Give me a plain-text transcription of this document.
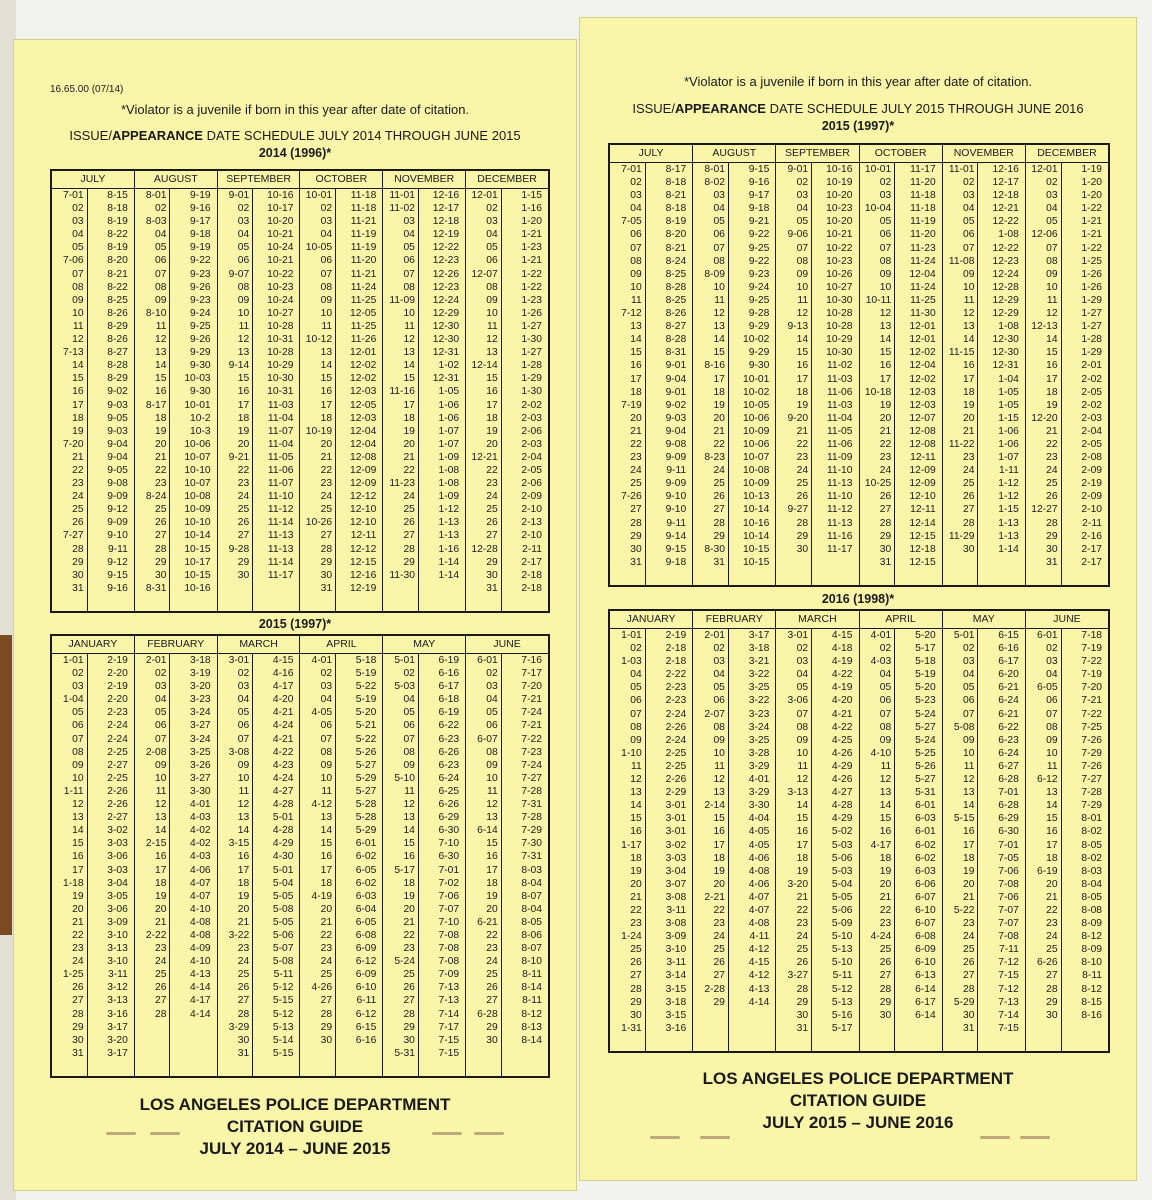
16.65.00 (07/14)
*Violator is a juvenile if born in this year after date of citation.
ISSUE/APPEARANCE DATE SCHEDULE JULY 2014 THROUGH JUNE 2015
2014 (1996)*
JULY
7-01
02
03
04
05
7-06
07
08
09
10
11
12
7-13
14
15
16
17
18
19
7-20
21
22
23
24
25
26
7-27
28
29
30
31
8-15
8-18
8-19
8-22
8-19
8-20
8-21
8-22
8-25
8-26
8-29
8-26
8-27
8-28
8-29
9-02
9-03
9-05
9-03
9-04
9-04
9-05
9-08
9-09
9-12
9-09
9-10
9-11
9-12
9-15
9-16
AUGUST
8-01
02
8-03
04
05
06
07
08
09
8-10
11
12
13
14
15
16
8-17
18
19
20
21
22
23
8-24
25
26
27
28
29
30
8-31
9-19
9-16
9-17
9-18
9-19
9-22
9-23
9-26
9-23
9-24
9-25
9-26
9-29
9-30
10-03
9-30
10-01
10-2
10-3
10-06
10-07
10-10
10-07
10-08
10-09
10-10
10-14
10-15
10-17
10-15
10-16
SEPTEMBER
9-01
02
03
04
05
06
9-07
08
09
10
11
12
13
9-14
15
16
17
18
19
20
9-21
22
23
24
25
26
27
9-28
29
30
10-16
10-17
10-20
10-21
10-24
10-21
10-22
10-23
10-24
10-27
10-28
10-31
10-28
10-29
10-30
10-31
11-03
11-04
11-07
11-04
11-05
11-06
11-07
11-10
11-12
11-14
11-13
11-13
11-14
11-17
OCTOBER
10-01
02
03
04
10-05
06
07
08
09
10
11
10-12
13
14
15
16
17
18
10-19
20
21
22
23
24
25
10-26
27
28
29
30
31
11-18
11-18
11-21
11-19
11-19
11-20
11-21
11-24
11-25
12-05
11-25
11-26
12-01
12-02
12-02
12-03
12-05
12-03
12-04
12-04
12-08
12-09
12-09
12-12
12-10
12-10
12-11
12-12
12-15
12-16
12-19
NOVEMBER
11-01
11-02
03
04
05
06
07
08
11-09
10
11
12
13
14
15
11-16
17
18
19
20
21
22
11-23
24
25
26
27
28
29
11-30
12-16
12-17
12-18
12-19
12-22
12-23
12-26
12-23
12-24
12-29
12-30
12-30
12-31
1-02
12-31
1-05
1-06
1-06
1-07
1-07
1-09
1-08
1-08
1-09
1-12
1-13
1-13
1-16
1-14
1-14
DECEMBER
12-01
02
03
04
05
06
12-07
08
09
10
11
12
13
12-14
15
16
17
18
19
20
12-21
22
23
24
25
26
27
12-28
29
30
31
1-15
1-16
1-20
1-21
1-23
1-21
1-22
1-22
1-23
1-26
1-27
1-30
1-27
1-28
1-29
1-30
2-02
2-03
2-06
2-03
2-04
2-05
2-06
2-09
2-10
2-13
2-10
2-11
2-17
2-18
2-18
2015 (1997)*
JANUARY
1-01
02
03
1-04
05
06
07
08
09
10
1-11
12
13
14
15
16
17
1-18
19
20
21
22
23
24
1-25
26
27
28
29
30
31
2-19
2-20
2-19
2-20
2-23
2-24
2-24
2-25
2-27
2-25
2-26
2-26
2-27
3-02
3-03
3-06
3-03
3-04
3-05
3-06
3-09
3-10
3-13
3-10
3-11
3-12
3-13
3-16
3-17
3-20
3-17
FEBRUARY
2-01
02
03
04
05
06
07
2-08
09
10
11
12
13
14
2-15
16
17
18
19
20
21
2-22
23
24
25
26
27
28
3-18
3-19
3-20
3-23
3-24
3-27
3-24
3-25
3-26
3-27
3-30
4-01
4-03
4-02
4-02
4-03
4-06
4-07
4-07
4-10
4-08
4-08
4-09
4-10
4-13
4-14
4-17
4-14
MARCH
3-01
02
03
04
05
06
07
3-08
09
10
11
12
13
14
3-15
16
17
18
19
20
21
3-22
23
24
25
26
27
28
3-29
30
31
4-15
4-16
4-17
4-20
4-21
4-24
4-21
4-22
4-23
4-24
4-27
4-28
5-01
4-28
4-29
4-30
5-01
5-04
5-05
5-08
5-05
5-06
5-07
5-08
5-11
5-12
5-15
5-12
5-13
5-14
5-15
APRIL
4-01
02
03
04
4-05
06
07
08
09
10
11
4-12
13
14
15
16
17
18
4-19
20
21
22
23
24
25
4-26
27
28
29
30
5-18
5-19
5-22
5-19
5-20
5-21
5-22
5-26
5-27
5-29
5-27
5-28
5-28
5-29
6-01
6-02
6-05
6-02
6-03
6-04
6-05
6-08
6-09
6-12
6-09
6-10
6-11
6-12
6-15
6-16
MAY
5-01
02
5-03
04
05
06
07
08
09
5-10
11
12
13
14
15
16
5-17
18
19
20
21
22
23
5-24
25
26
27
28
29
30
5-31
6-19
6-16
6-17
6-18
6-19
6-22
6-23
6-26
6-23
6-24
6-25
6-26
6-29
6-30
7-10
6-30
7-01
7-02
7-06
7-07
7-10
7-08
7-08
7-08
7-09
7-13
7-13
7-14
7-17
7-15
7-15
JUNE
6-01
02
03
04
05
06
6-07
08
09
10
11
12
13
6-14
15
16
17
18
19
20
6-21
22
23
24
25
26
27
6-28
29
30
7-16
7-17
7-20
7-21
7-24
7-21
7-22
7-23
7-24
7-27
7-28
7-31
7-28
7-29
7-30
7-31
8-03
8-04
8-07
8-04
8-05
8-06
8-07
8-10
8-11
8-14
8-11
8-12
8-13
8-14
LOS ANGELES POLICE DEPARTMENT
CITATION GUIDE
JULY 2014 – JUNE 2015
*Violator is a juvenile if born in this year after date of citation.
ISSUE/APPEARANCE DATE SCHEDULE JULY 2015 THROUGH JUNE 2016
2015 (1997)*
JULY
7-01
02
03
04
7-05
06
07
08
09
10
11
7-12
13
14
15
16
17
18
7-19
20
21
22
23
24
25
7-26
27
28
29
30
31
8-17
8-18
8-21
8-18
8-19
8-20
8-21
8-24
8-25
8-28
8-25
8-26
8-27
8-28
8-31
9-01
9-04
9-01
9-02
9-03
9-04
9-08
9-09
9-11
9-09
9-10
9-10
9-11
9-14
9-15
9-18
AUGUST
8-01
8-02
03
04
05
06
07
08
8-09
10
11
12
13
14
15
8-16
17
18
19
20
21
22
8-23
24
25
26
27
28
29
8-30
31
9-15
9-16
9-17
9-18
9-21
9-22
9-25
9-22
9-23
9-24
9-25
9-28
9-29
10-02
9-29
9-30
10-01
10-02
10-05
10-06
10-09
10-06
10-07
10-08
10-09
10-13
10-14
10-16
10-14
10-15
10-15
SEPTEMBER
9-01
02
03
04
05
9-06
07
08
09
10
11
12
9-13
14
15
16
17
18
19
9-20
21
22
23
24
25
26
9-27
28
29
30
10-16
10-19
10-20
10-23
10-20
10-21
10-22
10-23
10-26
10-27
10-30
10-28
10-28
10-29
10-30
11-02
11-03
11-06
11-03
11-04
11-05
11-06
11-09
11-10
11-13
11-10
11-12
11-13
11-16
11-17
OCTOBER
10-01
02
03
10-04
05
06
07
08
09
10
10-11
12
13
14
15
16
17
10-18
19
20
21
22
23
24
10-25
26
27
28
29
30
31
11-17
11-20
11-18
11-18
11-19
11-20
11-23
11-24
12-04
11-24
11-25
11-30
12-01
12-01
12-02
12-04
12-02
12-03
12-03
12-07
12-08
12-08
12-11
12-09
12-09
12-10
12-11
12-14
12-15
12-18
12-15
NOVEMBER
11-01
02
03
04
05
06
07
11-08
09
10
11
12
13
14
11-15
16
17
18
19
20
21
11-22
23
24
25
26
27
28
11-29
30
12-16
12-17
12-18
12-21
12-22
1-08
12-22
12-23
12-24
12-28
12-29
12-29
1-08
12-30
12-30
12-31
1-04
1-05
1-05
1-15
1-06
1-06
1-07
1-11
1-12
1-12
1-15
1-13
1-13
1-14
DECEMBER
12-01
02
03
04
05
12-06
07
08
09
10
11
12
12-13
14
15
16
17
18
19
12-20
21
22
23
24
25
26
12-27
28
29
30
31
1-19
1-20
1-20
1-22
1-21
1-21
1-22
1-25
1-26
1-26
1-29
1-27
1-27
1-28
1-29
2-01
2-02
2-05
2-02
2-03
2-04
2-05
2-08
2-09
2-19
2-09
2-10
2-11
2-16
2-17
2-17
2016 (1998)*
JANUARY
1-01
02
1-03
04
05
06
07
08
09
1-10
11
12
13
14
15
16
1-17
18
19
20
21
22
23
1-24
25
26
27
28
29
30
1-31
2-19
2-18
2-18
2-22
2-23
2-23
2-24
2-26
2-24
2-25
2-25
2-26
2-29
3-01
3-01
3-01
3-02
3-03
3-04
3-07
3-08
3-11
3-08
3-09
3-10
3-11
3-14
3-15
3-18
3-15
3-16
FEBRUARY
2-01
02
03
04
05
06
2-07
08
09
10
11
12
13
2-14
15
16
17
18
19
20
2-21
22
23
24
25
26
27
2-28
29
3-17
3-18
3-21
3-22
3-25
3-22
3-23
3-24
3-25
3-28
3-29
4-01
3-29
3-30
4-04
4-05
4-05
4-06
4-08
4-06
4-07
4-07
4-08
4-11
4-12
4-15
4-12
4-13
4-14
MARCH
3-01
02
03
04
05
3-06
07
08
09
10
11
12
3-13
14
15
16
17
18
19
3-20
21
22
23
24
25
26
3-27
28
29
30
31
4-15
4-18
4-19
4-22
4-19
4-20
4-21
4-22
4-25
4-26
4-29
4-26
4-27
4-28
4-29
5-02
5-03
5-06
5-03
5-04
5-05
5-06
5-09
5-10
5-13
5-10
5-11
5-12
5-13
5-16
5-17
APRIL
4-01
02
4-03
04
05
06
07
08
09
4-10
11
12
13
14
15
16
4-17
18
19
20
21
22
23
4-24
25
26
27
28
29
30
5-20
5-17
5-18
5-19
5-20
5-23
5-24
5-27
5-24
5-25
5-26
5-27
5-31
6-01
6-03
6-01
6-02
6-02
6-03
6-06
6-07
6-10
6-07
6-08
6-09
6-10
6-13
6-14
6-17
6-14
MAY
5-01
02
03
04
05
06
07
5-08
09
10
11
12
13
14
5-15
16
17
18
19
20
21
5-22
23
24
25
26
27
28
5-29
30
31
6-15
6-16
6-17
6-20
6-21
6-24
6-21
6-22
6-23
6-24
6-27
6-28
7-01
6-28
6-29
6-30
7-01
7-05
7-06
7-08
7-06
7-07
7-07
7-08
7-11
7-12
7-15
7-12
7-13
7-14
7-15
JUNE
6-01
02
03
04
6-05
06
07
08
09
10
11
6-12
13
14
15
16
17
18
6-19
20
21
22
23
24
25
6-26
27
28
29
30
7-18
7-19
7-22
7-19
7-20
7-21
7-22
7-25
7-26
7-29
7-26
7-27
7-28
7-29
8-01
8-02
8-05
8-02
8-03
8-04
8-05
8-08
8-09
8-12
8-09
8-10
8-11
8-12
8-15
8-16
LOS ANGELES POLICE DEPARTMENT
CITATION GUIDE
JULY 2015 – JUNE 2016
